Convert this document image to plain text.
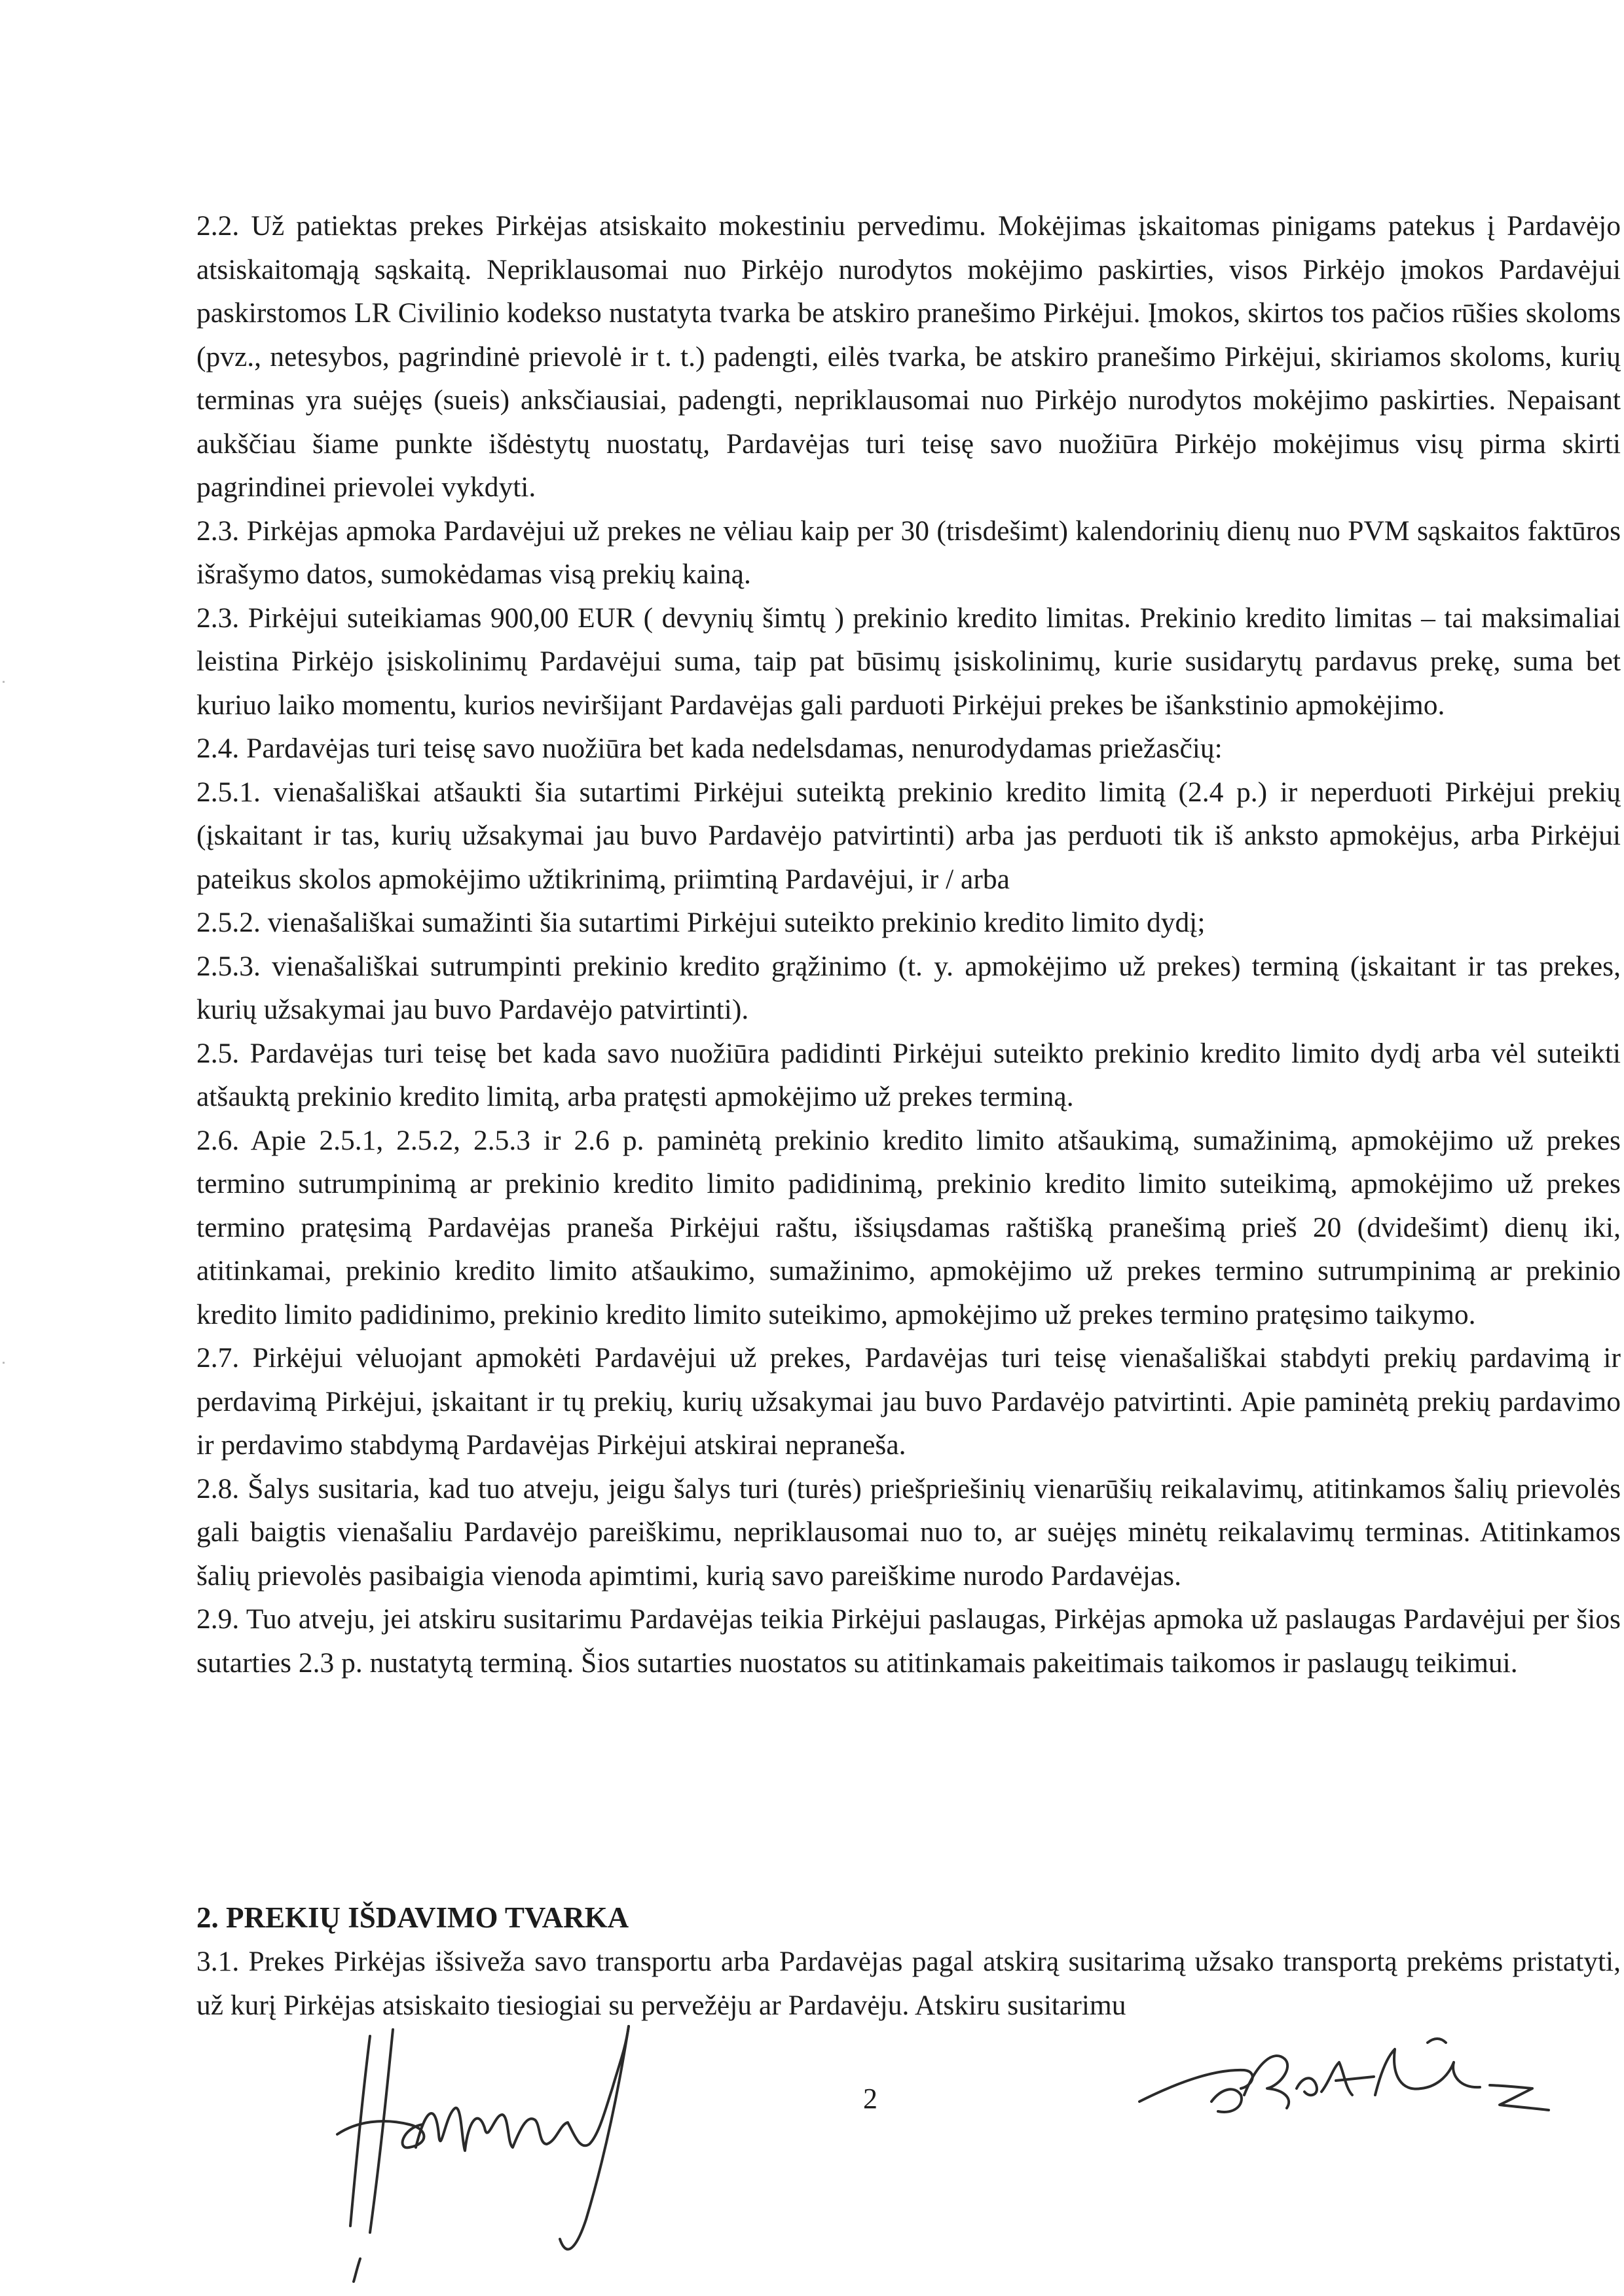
2.2. Už patiektas prekes Pirkėjas atsiskaito mokestiniu pervedimu. Mokėjimas įskaitomas pinigams patekus į Pardavėjo atsiskaitomąją sąskaitą. Nepriklausomai nuo Pirkėjo nurodytos mokėjimo paskirties, visos Pirkėjo įmokos Pardavėjui paskirstomos LR Civilinio kodekso nustatyta tvarka be atskiro pranešimo Pirkėjui. Įmokos, skirtos tos pačios rūšies skoloms (pvz., netesybos, pagrindinė prievolė ir t. t.) padengti, eilės tvarka, be atskiro pranešimo Pirkėjui, skiriamos skoloms, kurių terminas yra suėjęs (sueis) anksčiausiai, padengti, nepriklausomai nuo Pirkėjo nurodytos mokėjimo paskirties. Nepaisant aukščiau šiame punkte išdėstytų nuostatų, Pardavėjas turi teisę savo nuožiūra Pirkėjo mokėjimus visų pirma skirti pagrindinei prievolei vykdyti.

2.3. Pirkėjas apmoka Pardavėjui už prekes ne vėliau kaip per 30 (trisdešimt) kalendorinių dienų nuo PVM sąskaitos faktūros išrašymo datos, sumokėdamas visą prekių kainą.

2.3. Pirkėjui suteikiamas 900,00 EUR ( devynių šimtų ) prekinio kredito limitas. Prekinio kredito limitas – tai maksimaliai leistina Pirkėjo įsiskolinimų Pardavėjui suma, taip pat būsimų įsiskolinimų, kurie susidarytų pardavus prekę, suma bet kuriuo laiko momentu, kurios neviršijant Pardavėjas gali parduoti Pirkėjui prekes be išankstinio apmokėjimo.

2.4. Pardavėjas turi teisę savo nuožiūra bet kada nedelsdamas, nenurodydamas priežasčių:

2.5.1. vienašališkai atšaukti šia sutartimi Pirkėjui suteiktą prekinio kredito limitą (2.4 p.) ir neperduoti Pirkėjui prekių (įskaitant ir tas, kurių užsakymai jau buvo Pardavėjo patvirtinti) arba jas perduoti tik iš anksto apmokėjus, arba Pirkėjui pateikus skolos apmokėjimo užtikrinimą, priimtiną Pardavėjui, ir / arba

2.5.2. vienašališkai sumažinti šia sutartimi Pirkėjui suteikto prekinio kredito limito dydį;

2.5.3. vienašališkai sutrumpinti prekinio kredito grąžinimo (t. y. apmokėjimo už prekes) terminą (įskaitant ir tas prekes, kurių užsakymai jau buvo Pardavėjo patvirtinti).

2.5. Pardavėjas turi teisę bet kada savo nuožiūra padidinti Pirkėjui suteikto prekinio kredito limito dydį arba vėl suteikti atšauktą prekinio kredito limitą, arba pratęsti apmokėjimo už prekes terminą.

2.6. Apie 2.5.1, 2.5.2, 2.5.3 ir 2.6 p. paminėtą prekinio kredito limito atšaukimą, sumažinimą, apmokėjimo už prekes termino sutrumpinimą ar prekinio kredito limito padidinimą, prekinio kredito limito suteikimą, apmokėjimo už prekes termino pratęsimą Pardavėjas praneša Pirkėjui raštu, išsiųsdamas raštišką pranešimą prieš 20 (dvidešimt) dienų iki, atitinkamai, prekinio kredito limito atšaukimo, sumažinimo, apmokėjimo už prekes termino sutrumpinimą ar prekinio kredito limito padidinimo, prekinio kredito limito suteikimo, apmokėjimo už prekes termino pratęsimo taikymo.

2.7. Pirkėjui vėluojant apmokėti Pardavėjui už prekes, Pardavėjas turi teisę vienašališkai stabdyti prekių pardavimą ir perdavimą Pirkėjui, įskaitant ir tų prekių, kurių užsakymai jau buvo Pardavėjo patvirtinti. Apie paminėtą prekių pardavimo ir perdavimo stabdymą Pardavėjas Pirkėjui atskirai nepraneša.

2.8. Šalys susitaria, kad tuo atveju, jeigu šalys turi (turės) priešpriešinių vienarūšių reikalavimų, atitinkamos šalių prievolės gali baigtis vienašaliu Pardavėjo pareiškimu, nepriklausomai nuo to, ar suėjęs minėtų reikalavimų terminas. Atitinkamos šalių prievolės pasibaigia vienoda apimtimi, kurią savo pareiškime nurodo Pardavėjas.

2.9. Tuo atveju, jei atskiru susitarimu Pardavėjas teikia Pirkėjui paslaugas, Pirkėjas apmoka už paslaugas Pardavėjui per šios sutarties 2.3 p. nustatytą terminą. Šios sutarties nuostatos su atitinkamais pakeitimais taikomos ir paslaugų teikimui.

2. PREKIŲ IŠDAVIMO TVARKA

3.1. Prekes Pirkėjas išsiveža savo transportu arba Pardavėjas pagal atskirą susitarimą užsako transportą prekėms pristatyti, už kurį Pirkėjas atsiskaito tiesiogiai su pervežėju ar Pardavėju. Atskiru susitarimu

2
